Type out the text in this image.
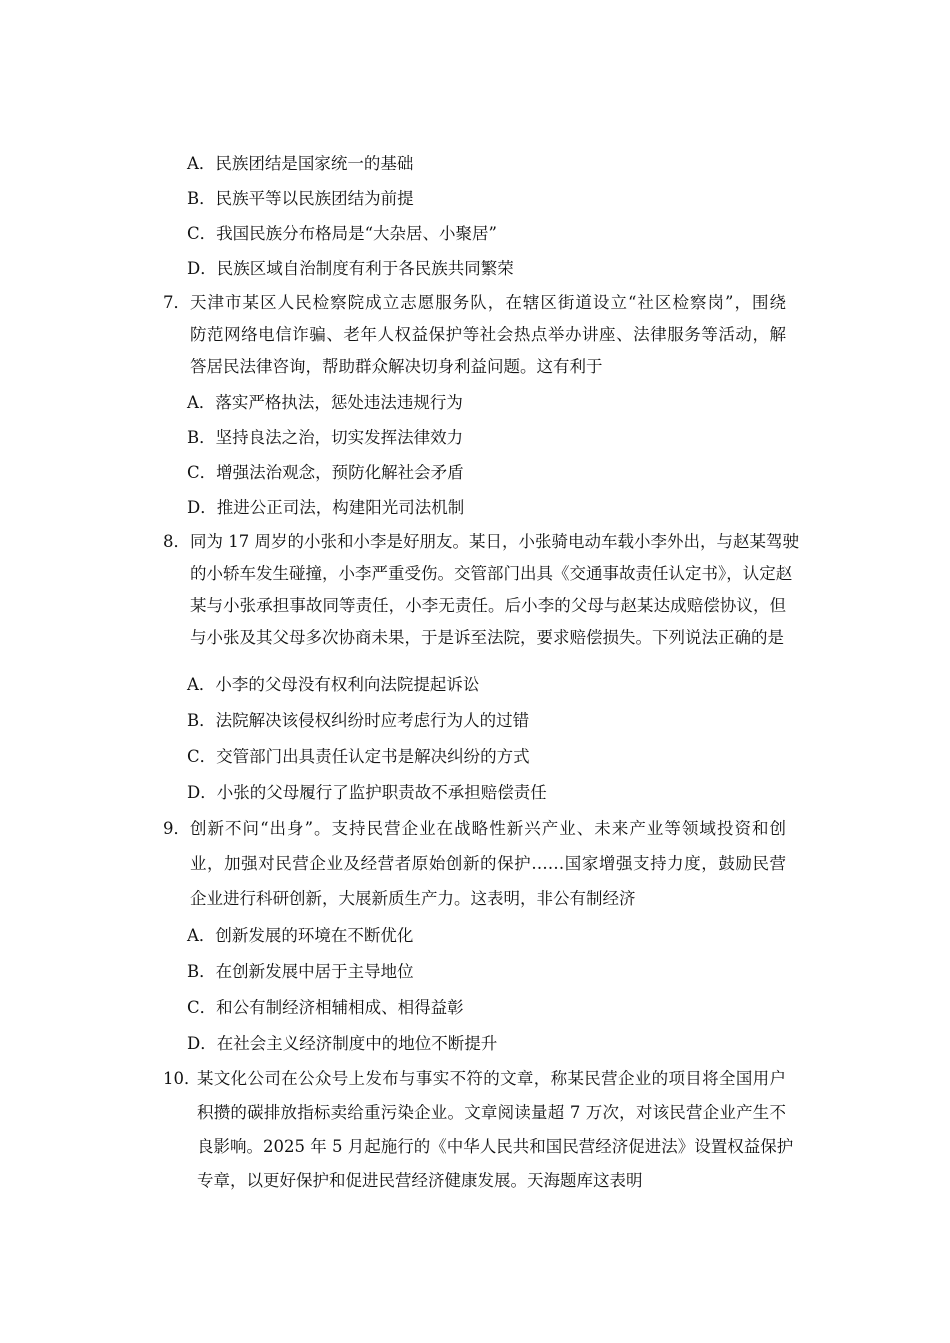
A．民族团结是国家统一的基础
B．民族平等以民族团结为前提
C．我国民族分布格局是“大杂居、小聚居”
D．民族区域自治制度有利于各民族共同繁荣
7． 天津市某区人民检察院成立志愿服务队，在辖区街道设立“社区检察岗”，围绕
防范网络电信诈骗、老年人权益保护等社会热点举办讲座、法律服务等活动，解
答居民法律咨询，帮助群众解决切身利益问题。这有利于
A．落实严格执法，惩处违法违规行为
B．坚持良法之治，切实发挥法律效力
C．增强法治观念，预防化解社会矛盾
D．推进公正司法，构建阳光司法机制
8． 同为 17 周岁的小张和小李是好朋友。某日，小张骑电动车载小李外出，与赵某驾驶
的小轿车发生碰撞，小李严重受伤。交管部门出具《交通事故责任认定书》，认定赵
某与小张承担事故同等责任，小李无责任。后小李的父母与赵某达成赔偿协议，但
与小张及其父母多次协商未果，于是诉至法院，要求赔偿损失。下列说法正确的是
A．小李的父母没有权利向法院提起诉讼
B．法院解决该侵权纠纷时应考虑行为人的过错
C．交管部门出具责任认定书是解决纠纷的方式
D．小张的父母履行了监护职责故不承担赔偿责任
9． 创新不问“出身”。支持民营企业在战略性新兴产业、未来产业等领域投资和创
业，加强对民营企业及经营者原始创新的保护……国家增强支持力度，鼓励民营
企业进行科研创新，大展新质生产力。这表明，非公有制经济
A．创新发展的环境在不断优化
B．在创新发展中居于主导地位
C．和公有制经济相辅相成、相得益彰
D．在社会主义经济制度中的地位不断提升
10．
某文化公司在公众号上发布与事实不符的文章，称某民营企业的项目将全国用户
积攒的碳排放指标卖给重污染企业。文章阅读量超 7 万次，对该民营企业产生不
良影响。2025 年 5 月起施行的《中华人民共和国民营经济促进法》设置权益保护
专章，以更好保护和促进民营经济健康发展。天海题库这表明
